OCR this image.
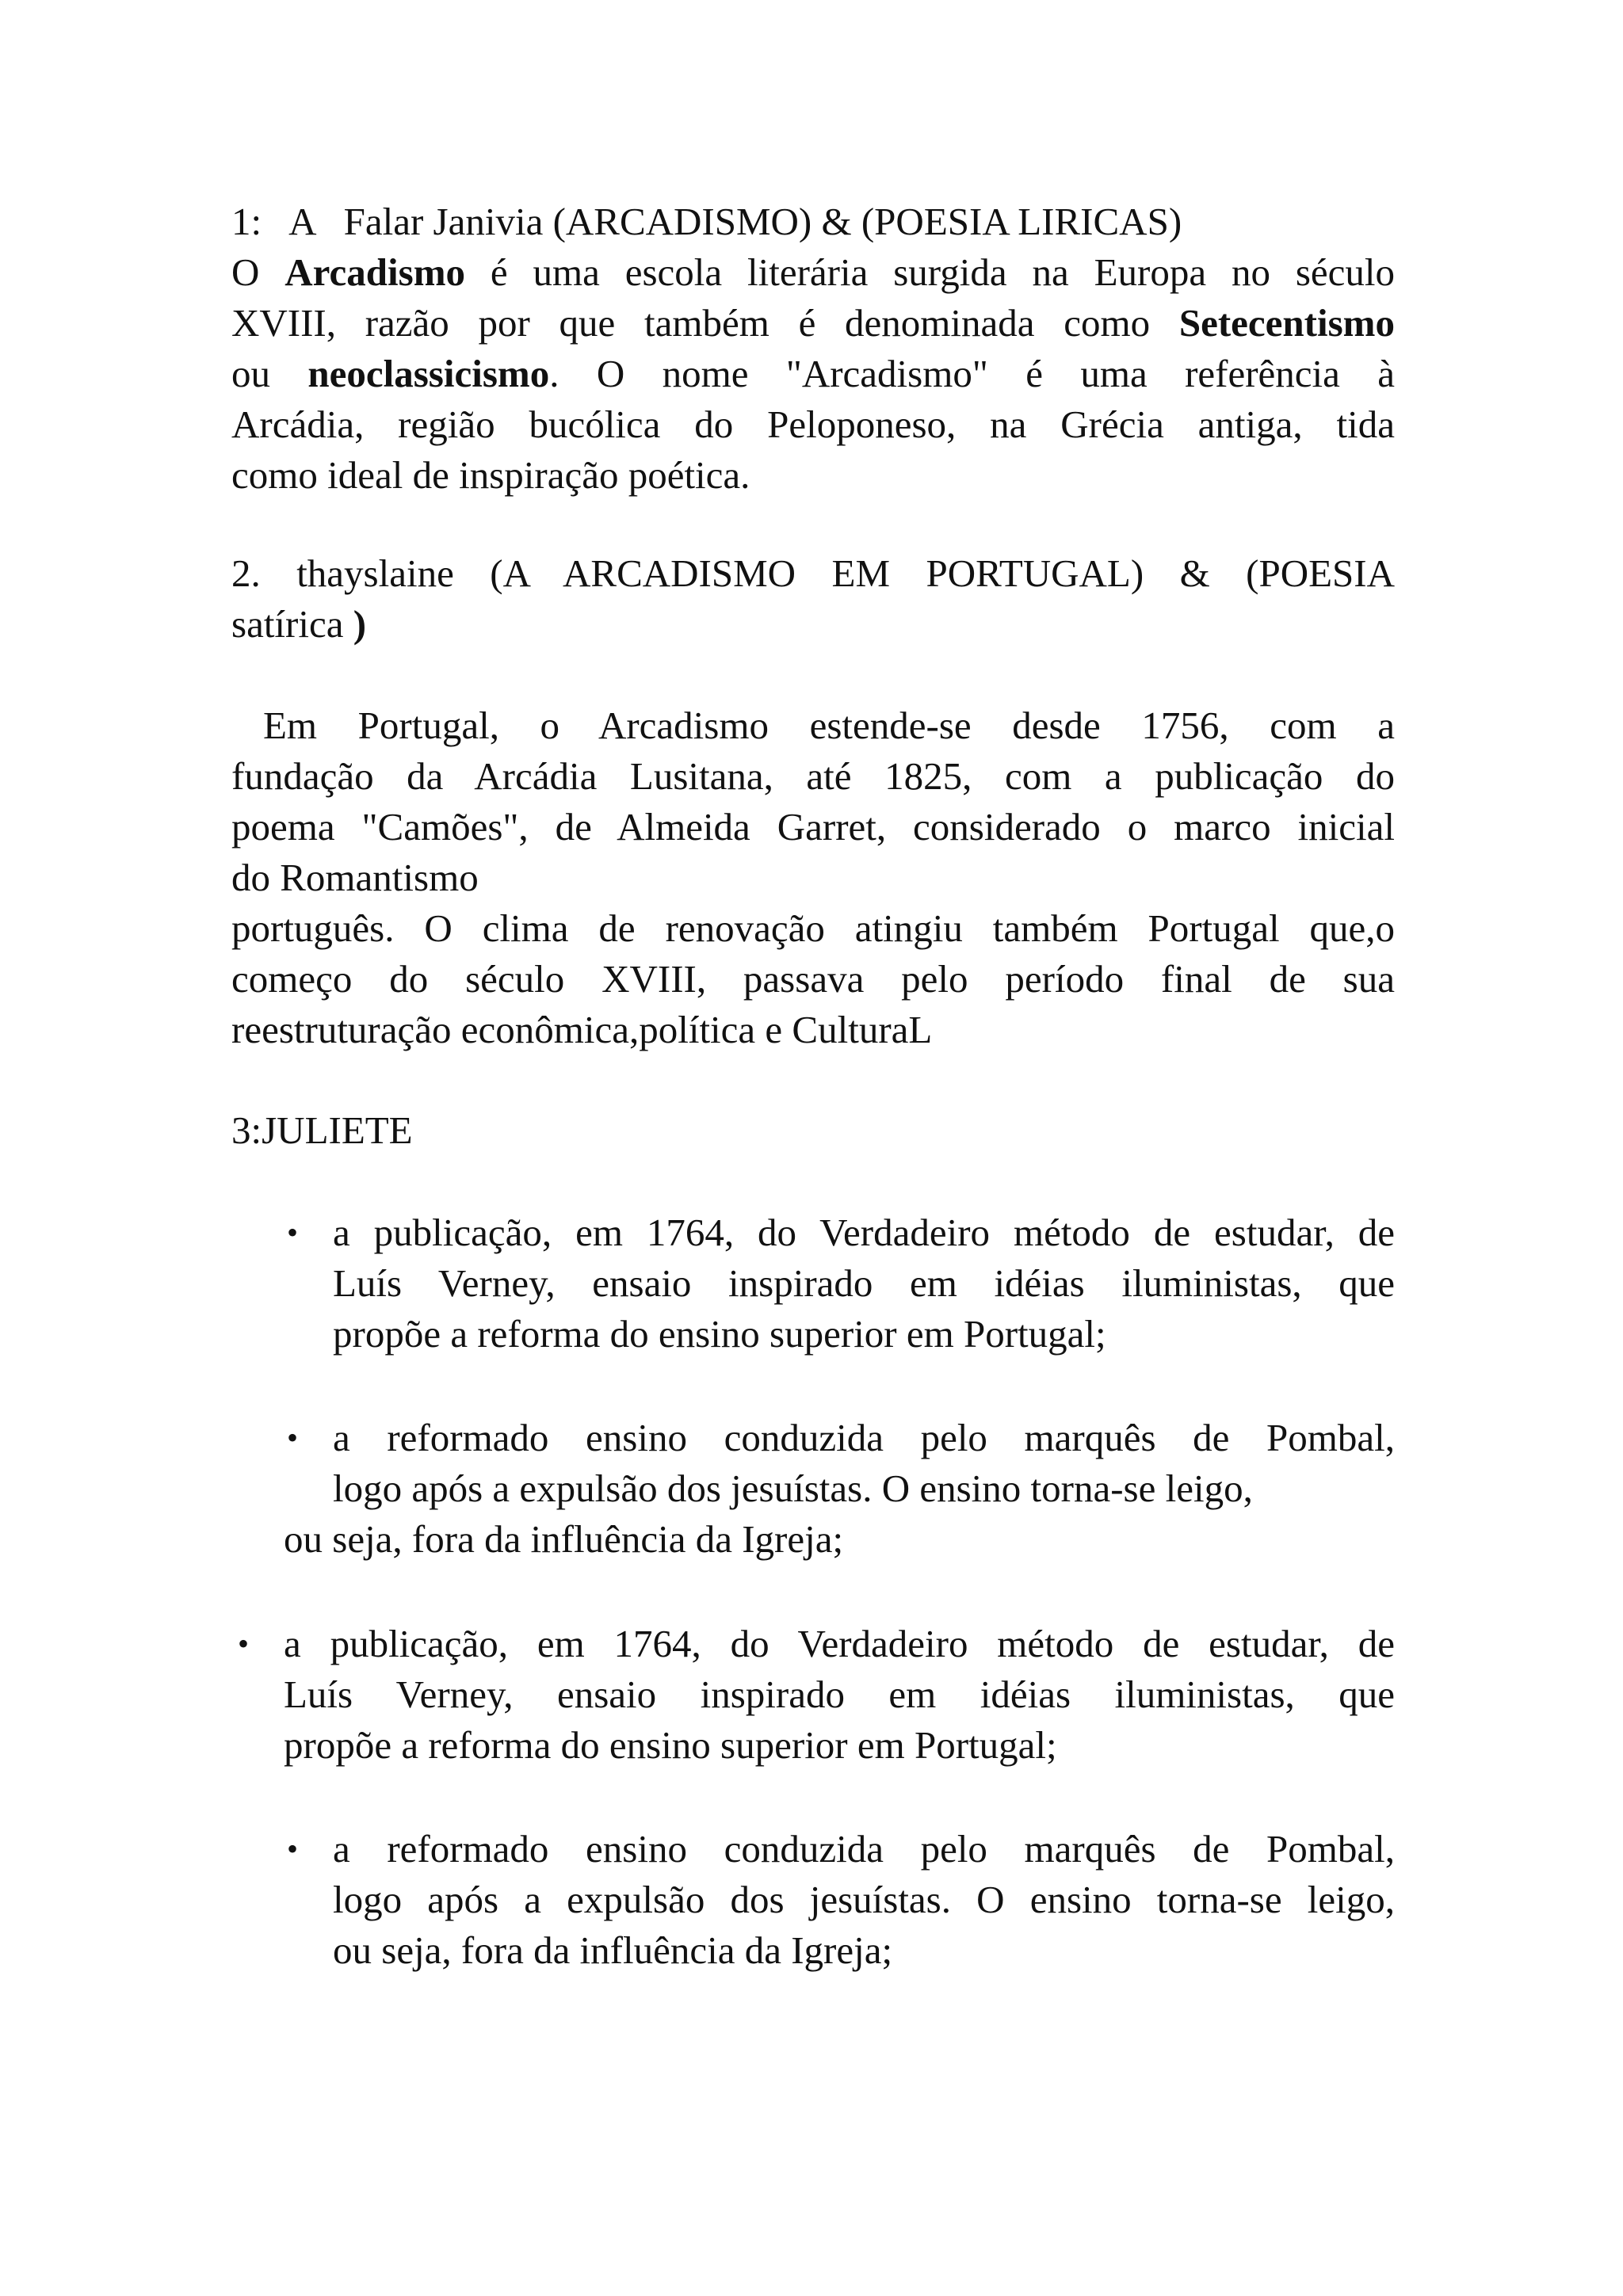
1:   A   Falar Janivia (ARCADISMO) & (POESIA LIRICAS)
O Arcadismo é uma escola literária surgida na Europa no século
XVIII, razão por que também é denominada como Setecentismo
ou neoclassicismo. O nome "Arcadismo" é uma referência à
Arcádia, região bucólica do Peloponeso, na Grécia antiga, tida
como ideal de inspiração poética.
2. thayslaine (A ARCADISMO EM PORTUGAL) & (POESIA
satírica )
Em Portugal, o Arcadismo estende-se desde 1756, com a
fundação da Arcádia Lusitana, até 1825, com a publicação do
poema "Camões", de Almeida Garret, considerado o marco inicial
do Romantismo
português. O clima de renovação atingiu também Portugal que,o
começo do século XVIII, passava pelo período final de sua
reestruturação econômica,política e CulturaL
3:JULIETE
• a publicação, em 1764, do Verdadeiro método de estudar, de
Luís Verney, ensaio inspirado em idéias iluministas, que
propõe a reforma do ensino superior em Portugal;
• a reformado ensino conduzida pelo marquês de Pombal,
logo após a expulsão dos jesuístas. O ensino torna-se leigo,
ou seja, fora da influência da Igreja;
• a publicação, em 1764, do Verdadeiro método de estudar, de
Luís Verney, ensaio inspirado em idéias iluministas, que
propõe a reforma do ensino superior em Portugal;
• a reformado ensino conduzida pelo marquês de Pombal,
logo após a expulsão dos jesuístas. O ensino torna-se leigo,
ou seja, fora da influência da Igreja;
